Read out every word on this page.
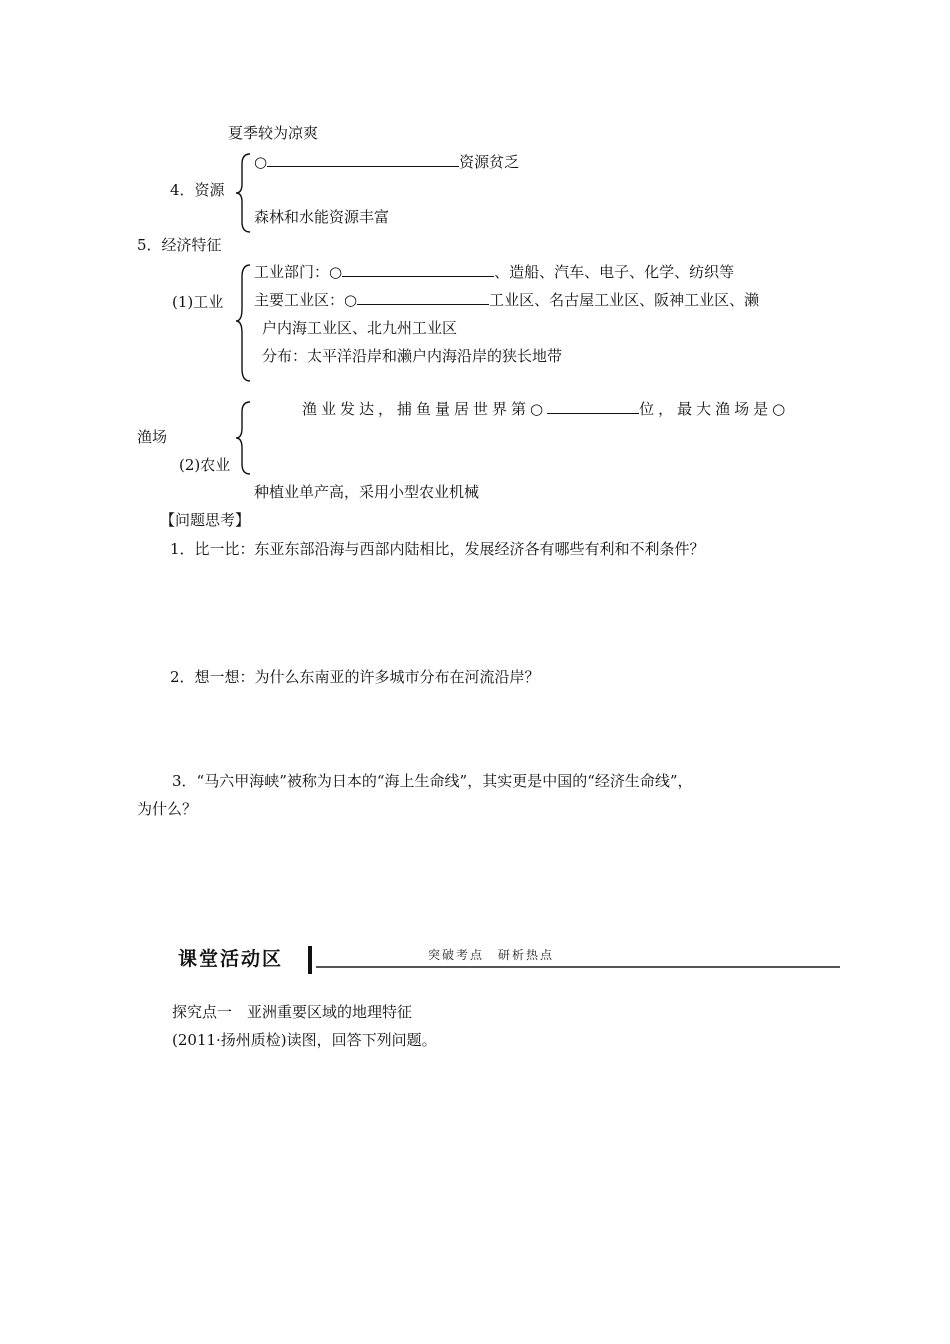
夏季较为凉爽
4．资源
○	资源贫乏
森林和水能资源丰富
5．经济特征
(1)工业
工业部门：○	、造船、汽车、电子、化学、纺织等
主要工业区：○	工业区、名古屋工业区、阪神工业区、濑
户内海工业区、北九州工业区
分布：太平洋沿岸和濑户内海沿岸的狭长地带
渔业发达，捕鱼量居世界第○	位，最大渔场是○
渔场
(2)农业
种植业单产高，采用小型农业机械
【问题思考】
1．比一比：东亚东部沿海与西部内陆相比，发展经济各有哪些有利和不利条件？
2．想一想：为什么东南亚的许多城市分布在河流沿岸？
3．“马六甲海峡”被称为日本的“海上生命线”，其实更是中国的“经济生命线”，
为什么？
课堂活动区	突破考点　研析热点
探究点一　亚洲重要区域的地理特征
(2011·扬州质检)读图，回答下列问题。
